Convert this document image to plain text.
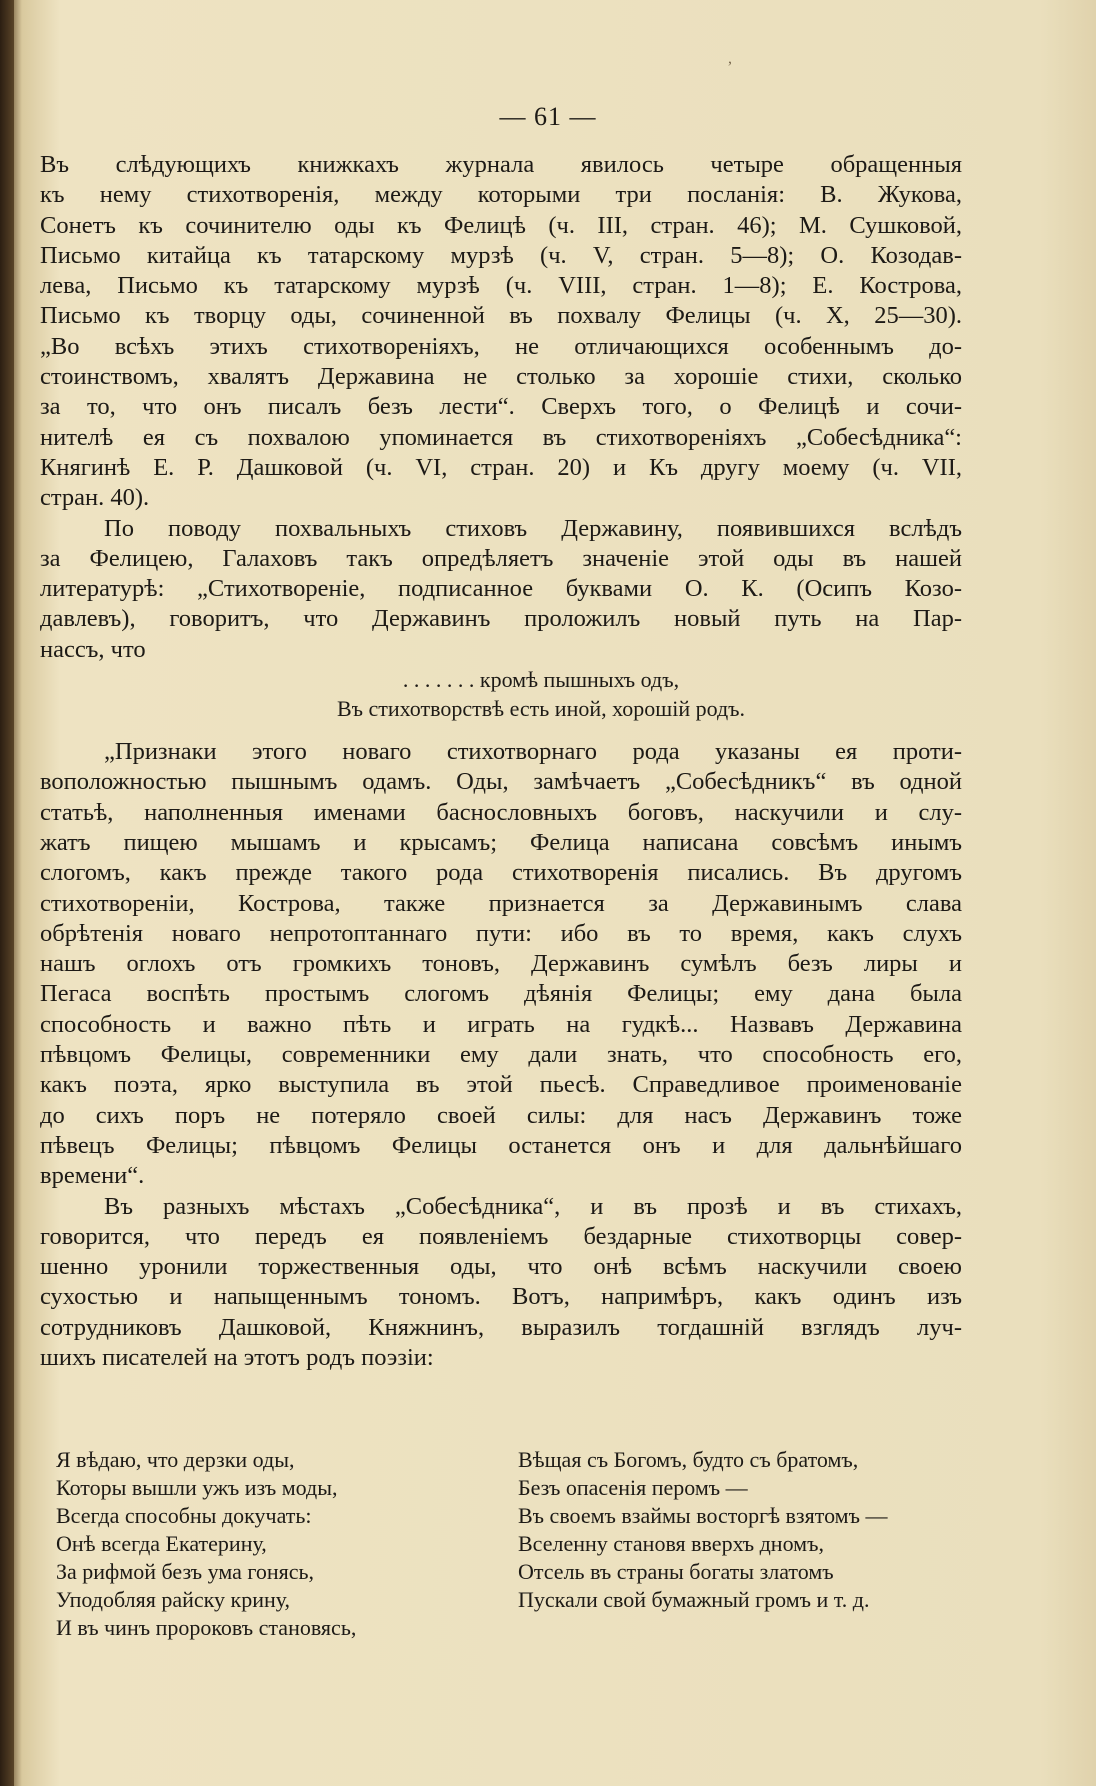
,
— 61 —
Въ слѣдующихъ книжкахъ журнала явилось четыре обращенныя
къ нему стихотворенія, между которыми три посланія: В. Жукова,
Сонетъ къ сочинителю оды къ Фелицѣ (ч. III, стран. 46); М. Сушковой,
Письмо китайца къ татарскому мурзѣ (ч. V, стран. 5—8); О. Козодав-
лева, Письмо къ татарскому мурзѣ (ч. VIII, стран. 1—8); Е. Кострова,
Письмо къ творцу оды, сочиненной въ похвалу Фелицы (ч. X, 25—30).
„Во всѣхъ этихъ стихотвореніяхъ, не отличающихся особеннымъ до-
стоинствомъ, хвалятъ Державина не столько за хорошіе стихи, сколько
за то, что онъ писалъ безъ лести“. Сверхъ того, о Фелицѣ и сочи-
нителѣ ея съ похвалою упоминается въ стихотвореніяхъ „Собесѣдника“:
Княгинѣ Е. Р. Дашковой (ч. VI, стран. 20) и Къ другу моему (ч. VII,
стран. 40).
По поводу похвальныхъ стиховъ Державину, появившихся вслѣдъ
за Фелицею, Галаховъ такъ опредѣляетъ значеніе этой оды въ нашей
литературѣ: „Стихотвореніе, подписанное буквами О. К. (Осипъ Козо-
давлевъ), говоритъ, что Державинъ проложилъ новый путь на Пар-
нассъ, что
. . . . . . . кромѣ пышныхъ одъ,
Въ стихотворствѣ есть иной, хорошій родъ.
„Признаки этого новаго стихотворнаго рода указаны ея проти-
воположностью пышнымъ одамъ. Оды, замѣчаетъ „Собесѣдникъ“ въ одной
статьѣ, наполненныя именами баснословныхъ боговъ, наскучили и слу-
жатъ пищею мышамъ и крысамъ; Фелица написана совсѣмъ инымъ
слогомъ, какъ прежде такого рода стихотворенія писались. Въ другомъ
стихотвореніи, Кострова, также признается за Державинымъ слава
обрѣтенія новаго непротоптаннаго пути: ибо въ то время, какъ слухъ
нашъ оглохъ отъ громкихъ тоновъ, Державинъ сумѣлъ безъ лиры и
Пегаса воспѣть простымъ слогомъ дѣянія Фелицы; ему дана была
способность и важно пѣть и играть на гудкѣ... Назвавъ Державина
пѣвцомъ Фелицы, современники ему дали знать, что способность его,
какъ поэта, ярко выступила въ этой пьесѣ. Справедливое проименованіе
до сихъ поръ не потеряло своей силы: для насъ Державинъ тоже
пѣвецъ Фелицы; пѣвцомъ Фелицы останется онъ и для дальнѣйшаго
времени“.
Въ разныхъ мѣстахъ „Собесѣдника“, и въ прозѣ и въ стихахъ,
говорится, что передъ ея появленіемъ бездарные стихотворцы совер-
шенно уронили торжественныя оды, что онѣ всѣмъ наскучили своею
сухостью и напыщеннымъ тономъ. Вотъ, напримѣръ, какъ одинъ изъ
сотрудниковъ Дашковой, Княжнинъ, выразилъ тогдашній взглядъ луч-
шихъ писателей на этотъ родъ поэзіи:
Я вѣдаю, что дерзки оды,
Которы вышли ужъ изъ моды,
Всегда способны докучать:
Онѣ всегда Екатерину,
За рифмой безъ ума гонясь,
Уподобляя райску крину,
И въ чинъ пророковъ становясь,
Вѣщая съ Богомъ, будто съ братомъ,
Безъ опасенія перомъ —
Въ своемъ взаймы восторгѣ взятомъ —
Вселенну становя вверхъ дномъ,
Отсель въ страны богаты златомъ
Пускали свой бумажный громъ и т. д.
